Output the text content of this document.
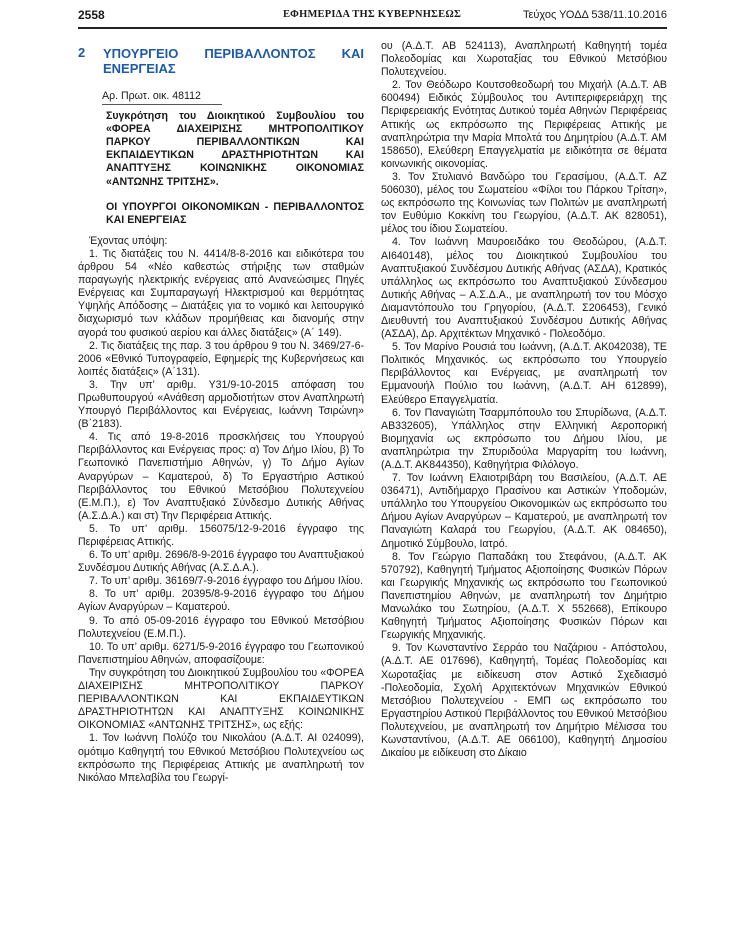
2558	ΕΦΗΜΕΡΙΔΑ ΤΗΣ ΚΥΒΕΡΝΗΣΕΩΣ	Τεύχος ΥΟΔΔ 538/11.10.2016
2	ΥΠΟΥΡΓΕΙΟ ΠΕΡΙΒΑΛΛΟΝΤΟΣ ΚΑΙ ΕΝΕΡΓΕΙΑΣ
Αρ. Πρωτ. οικ. 48112
Συγκρότηση του Διοικητικού Συμβουλίου του «ΦΟΡΕΑ ΔΙΑΧΕΙΡΙΣΗΣ ΜΗΤΡΟΠΟΛΙΤΙΚΟΥ ΠΑΡΚΟΥ ΠΕΡΙΒΑΛΛΟΝΤΙΚΩΝ ΚΑΙ ΕΚΠΑΙΔΕΥΤΙΚΩΝ ΔΡΑΣΤΗΡΙΟΤΗΤΩΝ ΚΑΙ ΑΝΑΠΤΥΞΗΣ ΚΟΙΝΩΝΙΚΗΣ ΟΙΚΟΝΟΜΙΑΣ «ΑΝΤΩΝΗΣ ΤΡΙΤΣΗΣ».
ΟΙ ΥΠΟΥΡΓΟΙ ΟΙΚΟΝΟΜΙΚΩΝ - ΠΕΡΙΒΑΛΛΟΝΤΟΣ ΚΑΙ ΕΝΕΡΓΕΙΑΣ

Έχοντας υπόψη:

1. Τις διατάξεις του Ν. 4414/8-8-2016 και ειδικότερα του άρθρου 54 «Νέο καθεστώς στήριξης των σταθμών παραγωγής ηλεκτρικής ενέργειας από Ανανεώσιμες Πηγές Ενέργειας και Συμπαραγωγή Ηλεκτρισμού και θερμότητας Υψηλής Απόδοσης – Διατάξεις για το νομικό και λειτουργικό διαχωρισμό των κλάδων προμήθειας και διανομής στην αγορά του φυσικού αερίου και άλλες διατάξεις» (Α΄ 149).

2. Τις διατάξεις της παρ. 3 του άρθρου 9 του Ν. 3469/27-6-2006 «Εθνικό Τυπογραφείο, Εφημερίς της Κυβερνήσεως και λοιπές διατάξεις» (Α΄131).

3. Την υπ’ αριθμ. Υ31/9-10-2015 απόφαση του Πρωθυπουργού «Ανάθεση αρμοδιοτήτων στον Αναπληρωτή Υπουργό Περιβάλλοντος και Ενέργειας, Ιωάννη Τσιρώνη» (Β΄2183).

4. Τις από 19-8-2016 προσκλήσεις του Υπουργού Περιβάλλοντος και Ενέργειας προς: α) Τον Δήμο Ιλίου, β) Το Γεωπονικό Πανεπιστήμιο Αθηνών, γ) Το Δήμο Αγίων Αναργύρων – Καματερού, δ) Το Εργαστήριο Αστικού Περιβάλλοντος του Εθνικού Μετσόβιου Πολυτεχνείου (Ε.Μ.Π.), ε) Τον Αναπτυξιακό Σύνδεσμο Δυτικής Αθήνας (Α.Σ.Δ.Α.) και στ) Την Περιφέρεια Αττικής.

5. Το υπ’ αριθμ. 156075/12-9-2016 έγγραφο της Περιφέρειας Αττικής.

6. Το υπ’ αριθμ. 2696/8-9-2016 έγγραφο του Αναπτυξιακού Συνδέσμου Δυτικής Αθήνας (Α.Σ.Δ.Α.).

7. Το υπ’ αριθμ. 36169/7-9-2016 έγγραφο του Δήμου Ιλίου.

8. Το υπ’ αριθμ. 20395/8-9-2016 έγγραφο του Δήμου Αγίων Αναργύρων – Καματερού.

9. Το από 05-09-2016 έγγραφο του Εθνικού Μετσόβιου Πολυτεχνείου (Ε.Μ.Π.).

10. Το υπ’ αριθμ. 6271/5-9-2016 έγγραφο του Γεωπονικού Πανεπιστημίου Αθηνών, αποφασίζουμε:

Την συγκρότηση του Διοικητικού Συμβουλίου του «ΦΟΡΕΑ ΔΙΑΧΕΙΡΙΣΗΣ ΜΗΤΡΟΠΟΛΙΤΙΚΟΥ ΠΑΡΚΟΥ ΠΕΡΙΒΑΛΛΟΝΤΙΚΩΝ ΚΑΙ ΕΚΠΑΙΔΕΥΤΙΚΩΝ ΔΡΑΣΤΗΡΙΟΤΗΤΩΝ ΚΑΙ ΑΝΑΠΤΥΞΗΣ ΚΟΙΝΩΝΙΚΗΣ ΟΙΚΟΝΟΜΙΑΣ «ΑΝΤΩΝΗΣ ΤΡΙΤΣΗΣ», ως εξής:

1. Τον Ιωάννη Πολύζο του Νικολάου (Α.Δ.Τ. ΑΙ 024099), ομότιμο Καθηγητή του Εθνικού Μετσόβιου Πολυτεχνείου ως εκπρόσωπο της Περιφέρειας Αττικής με αναπληρωτή τον Νικόλαο Μπελαβίλα του Γεωργί-

ου (Α.Δ.Τ. ΑΒ 524113), Αναπληρωτή Καθηγητή τομέα Πολεοδομίας και Χωροταξίας του Εθνικού Μετσόβιου Πολυτεχνείου.

2. Τον Θεόδωρο Κουτσοθεοδωρή του Μιχαήλ (Α.Δ.Τ. ΑΒ 600494) Ειδικός Σύμβουλος του Αντιπεριφερειάρχη της Περιφερειακής Ενότητας Δυτικού τομέα Αθηνών Περιφέρειας Αττικής ως εκπρόσωπο της Περιφέρειας Αττικής με αναπληρώτρια την Μαρία Μπολτά του Δημητρίου (Α.Δ.Τ. ΑΜ 158650), Ελεύθερη Επαγγελματία με ειδικότητα σε θέματα κοινωνικής οικονομίας.

3. Τον Στυλιανό Βανδώρο του Γερασίμου, (Α.Δ.Τ. ΑΖ 506030), μέλος του Σωματείου «Φίλοι του Πάρκου Τρίτση», ως εκπρόσωπο της Κοινωνίας των Πολιτών με αναπληρωτή τον Ευθύμιο Κοκκίνη του Γεωργίου, (Α.Δ.Τ. ΑΚ 828051), μέλος του ίδιου Σωματείου.

4. Τον Ιωάννη Μαυροειδάκο του Θεοδώρου, (Α.Δ.Τ. ΑΙ640148), μέλος του Διοικητικού Συμβουλίου του Αναπτυξιακού Συνδέσμου Δυτικής Αθήνας (ΑΣΔΑ), Κρατικός υπάλληλος ως εκπρόσωπο του Αναπτυξιακού Σύνδεσμου Δυτικής Αθήνας – Α.Σ.Δ.Α., με αναπληρωτή τον του Μόσχο Διαμαντόπουλο του Γρηγορίου, (Α.Δ.Τ. Σ206453), Γενικό Διευθυντή του Αναπτυξιακού Συνδέσμου Δυτικής Αθήνας (ΑΣΔΑ), Δρ. Αρχιτέκτων Μηχανικό - Πολεοδόμο.

5. Τον Μαρίνο Ρουσιά του Ιωάννη, (Α.Δ.Τ. ΑΚ042038), ΤΕ Πολιτικός Μηχανικός. ως εκπρόσωπο του Υπουργείο Περιβάλλοντος και Ενέργειας, με αναπληρωτή τον Εμμανουήλ Πούλιο του Ιωάννη, (Α.Δ.Τ. ΑΗ 612899), Ελεύθερο Επαγγελματία.

6. Τον Παναγιώτη Τσαρμπόπουλο του Σπυρίδωνα, (Α.Δ.Τ. ΑΒ332605), Υπάλληλος στην Ελληνική Αεροπορική Βιομηχανία ως εκπρόσωπο του Δήμου Ιλίου, με αναπληρώτρια την Σπυριδούλα Μαργαρίτη του Ιωάννη, (Α.Δ.Τ. ΑΚ844350), Καθηγήτρια Φιλόλογο.

7. Τον Ιωάννη Ελαιοτριβάρη του Βασιλείου, (Α.Δ.Τ. ΑΕ 036471), Αντιδήμαρχο Πρασίνου και Αστικών Υποδομών, υπάλληλο του Υπουργείου Οικονομικών ως εκπρόσωπο του Δήμου Αγίων Αναργύρων – Καματερού, με αναπληρωτή τον Παναγιώτη Καλαρά του Γεωργίου, (Α.Δ.Τ. ΑΚ 084650), Δημοτικό Σύμβουλο, Ιατρό.

8. Τον Γεώργιο Παπαδάκη του Στεφάνου, (Α.Δ.Τ. ΑΚ 570792), Καθηγητή Τμήματος Αξιοποίησης Φυσικών Πόρων και Γεωργικής Μηχανικής ως εκπρόσωπο του Γεωπονικού Πανεπιστημίου Αθηνών, με αναπληρωτή τον Δημήτριο Μανωλάκο του Σωτηρίου, (Α.Δ.Τ. Χ 552668), Επίκουρο Καθηγητή Τμήματος Αξιοποίησης Φυσικών Πόρων και Γεωργικής Μηχανικής.

9. Τον Κωνσταντίνο Σερράο του Ναζάριου - Απόστολου, (Α.Δ.Τ. ΑΕ 017696), Καθηγητή, Τομέας Πολεοδομίας και Χωροταξίας με ειδίκευση στον Αστικό Σχεδιασμό -Πολεοδομία, Σχολή Αρχιτεκτόνων Μηχανικών Εθνικού Μετσόβιου Πολυτεχνείου - ΕΜΠ ως εκπρόσωπο του Εργαστηρίου Αστικού Περιβάλλοντος του Εθνικού Μετσόβιου Πολυτεχνείου, με αναπληρωτή τον Δημήτριο Μέλισσα του Κωνσταντίνου, (Α.Δ.Τ. ΑΕ 066100), Καθηγητή Δημοσίου Δικαίου με ειδίκευση στο Δίκαιο
